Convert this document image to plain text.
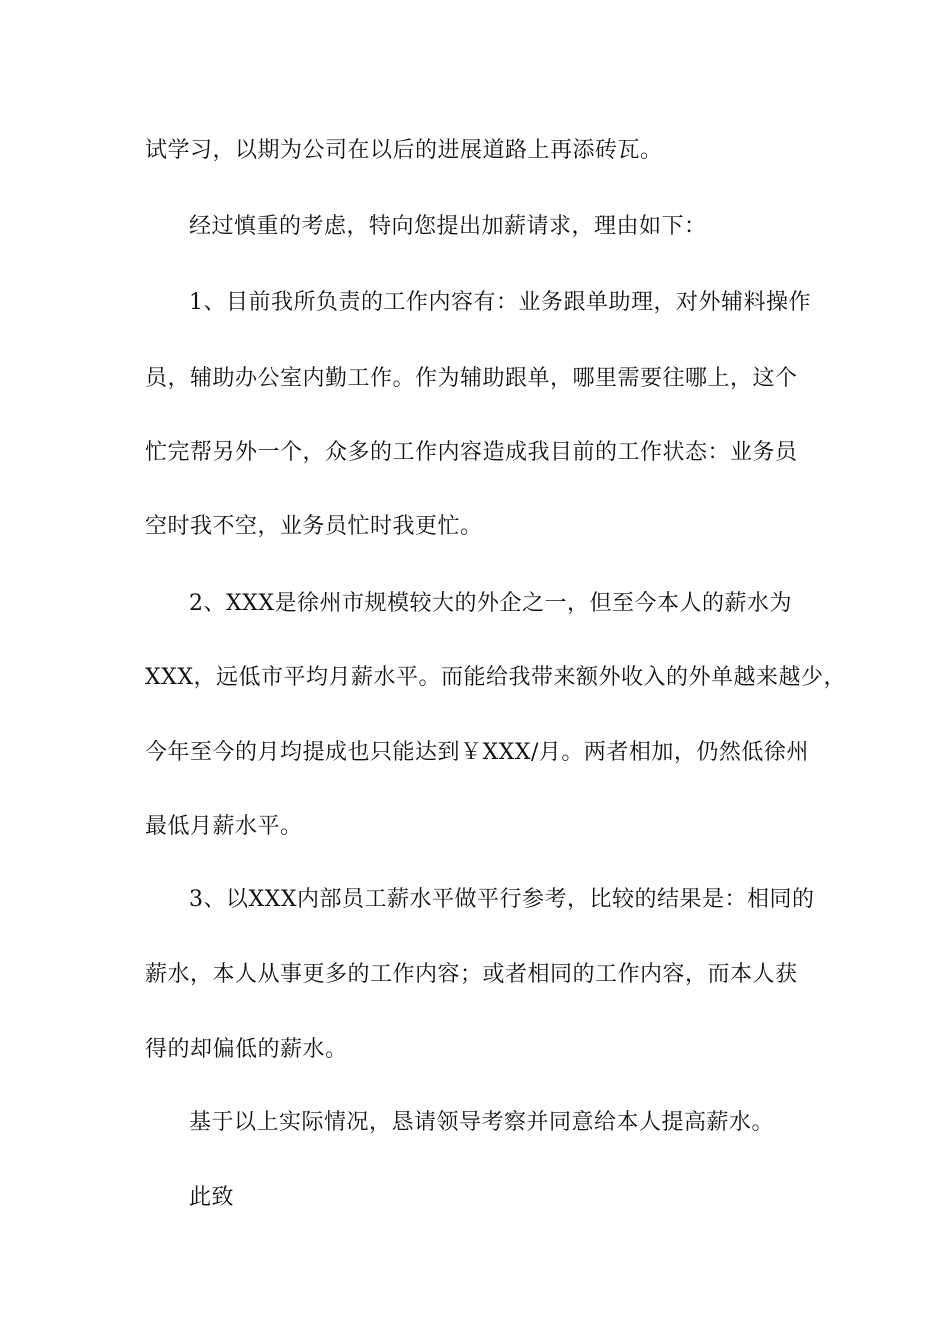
试学习，以期为公司在以后的进展道路上再添砖瓦。
经过慎重的考虑，特向您提出加薪请求，理由如下：
1、目前我所负责的工作内容有：业务跟单助理，对外辅料操作
员，辅助办公室内勤工作。作为辅助跟单，哪里需要往哪上，这个
忙完帮另外一个，众多的工作内容造成我目前的工作状态：业务员
空时我不空，业务员忙时我更忙。
2、XXX是徐州市规模较大的外企之一，但至今本人的薪水为
XXX，远低市平均月薪水平。而能给我带来额外收入的外单越来越少，
今年至今的月均提成也只能达到￥XXX/月。两者相加，仍然低徐州
最低月薪水平。
3、以XXX内部员工薪水平做平行参考，比较的结果是：相同的
薪水，本人从事更多的工作内容；或者相同的工作内容，而本人获
得的却偏低的薪水。
基于以上实际情况，恳请领导考察并同意给本人提高薪水。
此致
